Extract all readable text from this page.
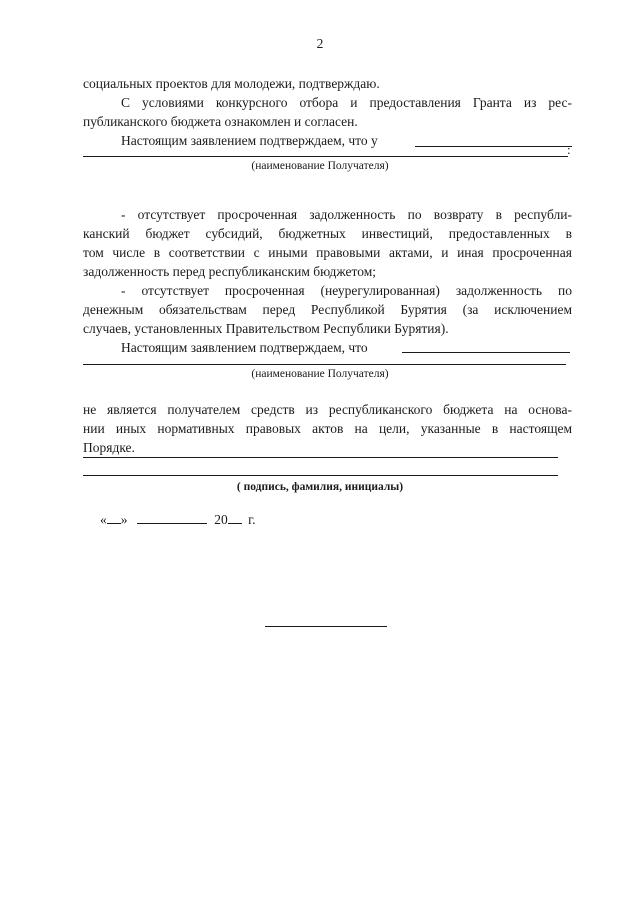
2
социальных проектов для молодежи, подтверждаю.
С условиями конкурсного отбора и предоставления Гранта из рес-
публиканского бюджета ознакомлен и согласен.
Настоящим заявлением подтверждаем, что у
:
(наименование Получателя)
- отсутствует просроченная задолженность по возврату в республи-
канский бюджет субсидий, бюджетных инвестиций, предоставленных в
том числе в соответствии с иными правовыми актами, и иная просроченная
задолженность перед республиканским бюджетом;
- отсутствует просроченная (неурегулированная) задолженность по
денежным обязательствам перед Республикой Бурятия (за исключением
случаев, установленных Правительством Республики Бурятия).
Настоящим заявлением подтверждаем, что
(наименование Получателя)
не является получателем средств из республиканского бюджета на основа-
нии иных нормативных правовых актов на цели, указанные в настоящем
Порядке.
( подпись, фамилия, инициалы)
« »	20 г.
